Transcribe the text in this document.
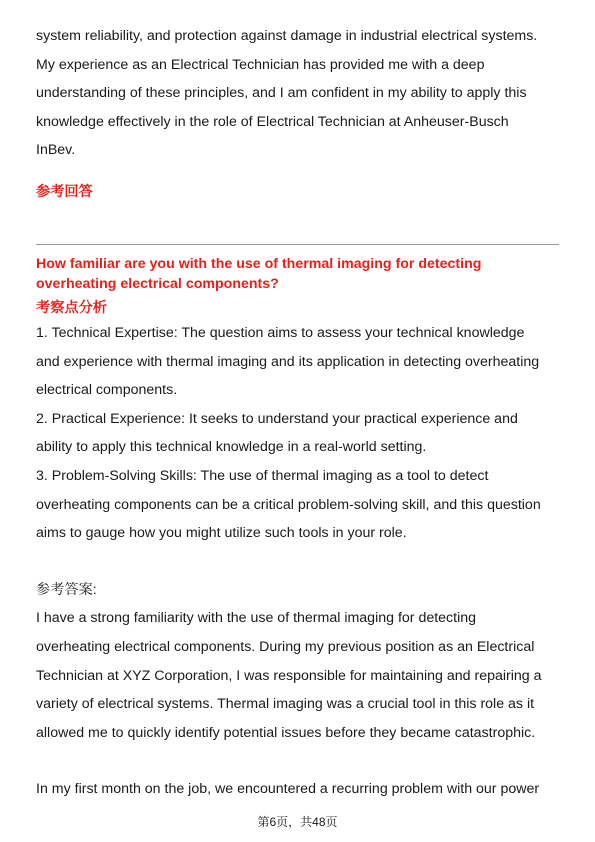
system reliability, and protection against damage in industrial electrical systems.

My experience as an Electrical Technician has provided me with a deep

understanding of these principles, and I am confident in my ability to apply this

knowledge effectively in the role of Electrical Technician at Anheuser-Busch

InBev.

参考回答

How familiar are you with the use of thermal imaging for detecting

overheating electrical components?

考察点分析

1. Technical Expertise: The question aims to assess your technical knowledge

and experience with thermal imaging and its application in detecting overheating

electrical components.

2. Practical Experience: It seeks to understand your practical experience and

ability to apply this technical knowledge in a real-world setting.

3. Problem-Solving Skills: The use of thermal imaging as a tool to detect

overheating components can be a critical problem-solving skill, and this question

aims to gauge how you might utilize such tools in your role.

参考答案:

I have a strong familiarity with the use of thermal imaging for detecting

overheating electrical components. During my previous position as an Electrical

Technician at XYZ Corporation, I was responsible for maintaining and repairing a

variety of electrical systems. Thermal imaging was a crucial tool in this role as it

allowed me to quickly identify potential issues before they became catastrophic.

In my first month on the job, we encountered a recurring problem with our power

第6页，共48页
